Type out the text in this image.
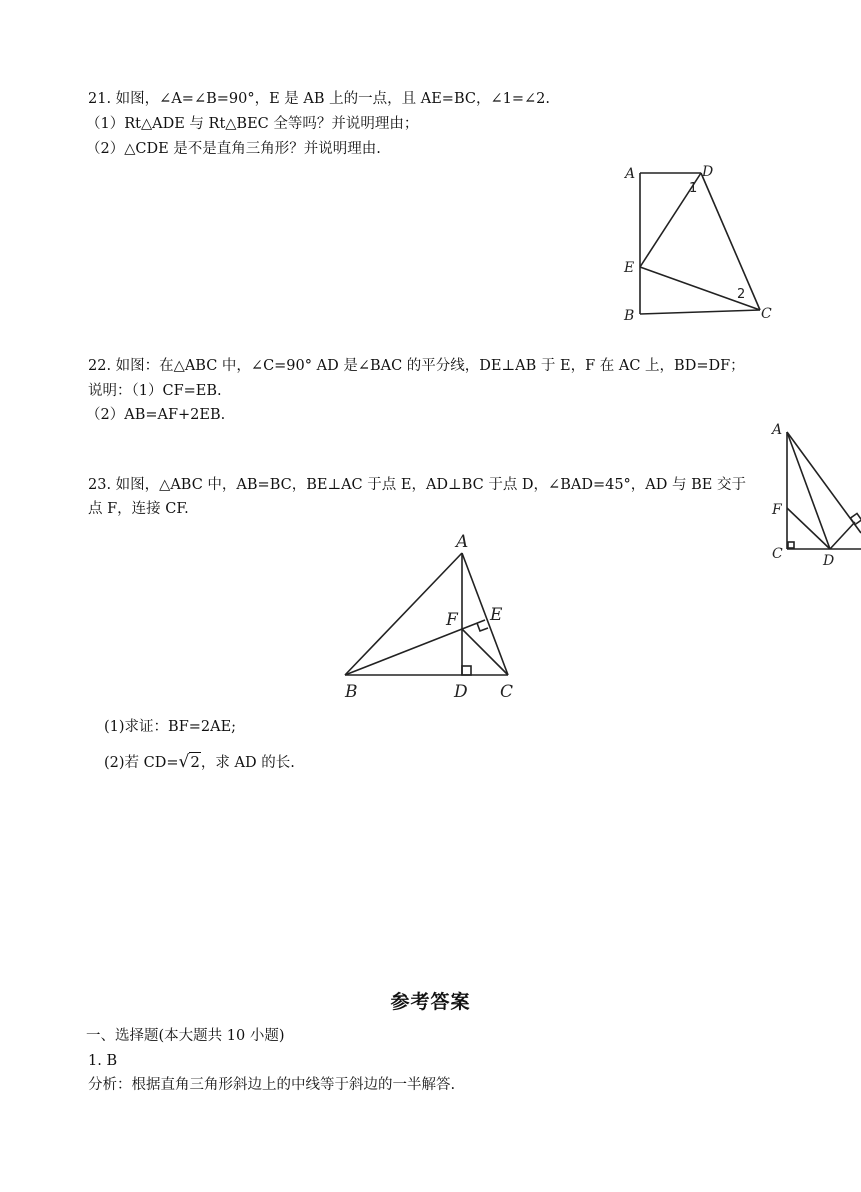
21. 如图，∠A=∠B=90°，E 是 AB 上的一点，且 AE=BC，∠1=∠2.
（1）Rt△ADE 与 Rt△BEC 全等吗？并说明理由；
（2）△CDE 是不是直角三角形？并说明理由.
A	D
1
E
2
B	C
22. 如图：在△ABC 中，∠C=90° AD 是∠BAC 的平分线，DE⊥AB 于 E，F 在 AC 上，BD=DF；
说明：（1）CF=EB.
（2）AB=AF+2EB.
A
F
C	D
23. 如图，△ABC 中，AB=BC，BE⊥AC 于点 E，AD⊥BC 于点 D，∠BAD=45°，AD 与 BE 交于
点 F，连接 CF.
A
F E
B	D C
(1)求证：BF=2AE;
(2)若 CD=√2，求 AD 的长.
参考答案
一、选择题(本大题共 10 小题)
1. B
分析：根据直角三角形斜边上的中线等于斜边的一半解答.
